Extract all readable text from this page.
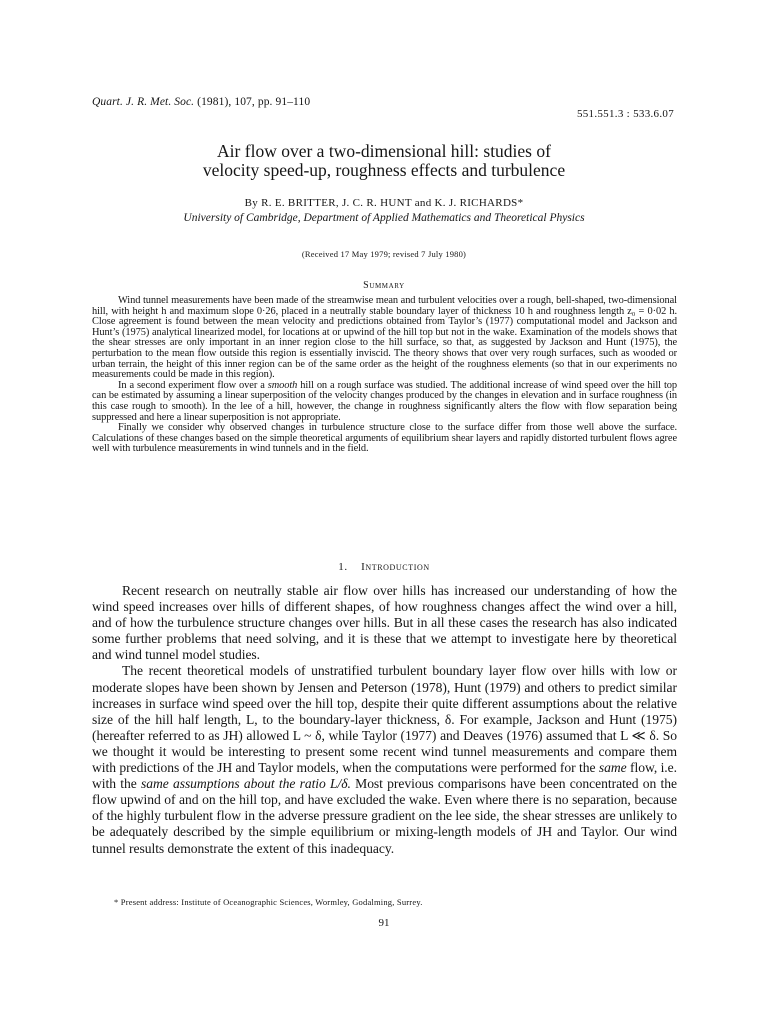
Quart. J. R. Met. Soc. (1981), 107, pp. 91–110
551.551.3 : 533.6.07
Air flow over a two-dimensional hill: studies of
velocity speed-up, roughness effects and turbulence
By R. E. BRITTER, J. C. R. HUNT and K. J. RICHARDS*
University of Cambridge, Department of Applied Mathematics and Theoretical Physics
(Received 17 May 1979; revised 7 July 1980)
Summary

Wind tunnel measurements have been made of the streamwise mean and turbulent velocities over a rough, bell-shaped, two-dimensional hill, with height h and maximum slope 0·26, placed in a neutrally stable boundary layer of thickness 10 h and roughness length z₀ = 0·02 h. Close agreement is found between the mean velocity and predictions obtained from Taylor’s (1977) computational model and Jackson and Hunt’s (1975) analytical linearized model, for locations at or upwind of the hill top but not in the wake. Examination of the models shows that the shear stresses are only important in an inner region close to the hill surface, so that, as suggested by Jackson and Hunt (1975), the perturbation to the mean flow outside this region is essentially inviscid. The theory shows that over very rough surfaces, such as wooded or urban terrain, the height of this inner region can be of the same order as the height of the roughness elements (so that in our experiments no measurements could be made in this region).

In a second experiment flow over a smooth hill on a rough surface was studied. The additional increase of wind speed over the hill top can be estimated by assuming a linear superposition of the velocity changes produced by the changes in elevation and in surface roughness (in this case rough to smooth). In the lee of a hill, however, the change in roughness significantly alters the flow with flow separation being suppressed and here a linear superposition is not appropriate.

Finally we consider why observed changes in turbulence structure close to the surface differ from those well above the surface. Calculations of these changes based on the simple theoretical arguments of equilibrium shear layers and rapidly distorted turbulent flows agree well with turbulence measurements in wind tunnels and in the field.

1. Introduction

Recent research on neutrally stable air flow over hills has increased our understanding of how the wind speed increases over hills of different shapes, of how roughness changes affect the wind over a hill, and of how the turbulence structure changes over hills. But in all these cases the research has also indicated some further problems that need solving, and it is these that we attempt to investigate here by theoretical and wind tunnel model studies.

The recent theoretical models of unstratified turbulent boundary layer flow over hills with low or moderate slopes have been shown by Jensen and Peterson (1978), Hunt (1979) and others to predict similar increases in surface wind speed over the hill top, despite their quite different assumptions about the relative size of the hill half length, L, to the boundary-layer thickness, δ. For example, Jackson and Hunt (1975) (hereafter referred to as JH) allowed L ~ δ, while Taylor (1977) and Deaves (1976) assumed that L ≪ δ. So we thought it would be interesting to present some recent wind tunnel measurements and compare them with predictions of the JH and Taylor models, when the computations were performed for the same flow, i.e. with the same assumptions about the ratio L/δ. Most previous comparisons have been concentrated on the flow upwind of and on the hill top, and have excluded the wake. Even where there is no separation, because of the highly turbulent flow in the adverse pressure gradient on the lee side, the shear stresses are unlikely to be adequately described by the simple equilibrium or mixing-length models of JH and Taylor. Our wind tunnel results demonstrate the extent of this inadequacy.

* Present address: Institute of Oceanographic Sciences, Wormley, Godalming, Surrey.
91
